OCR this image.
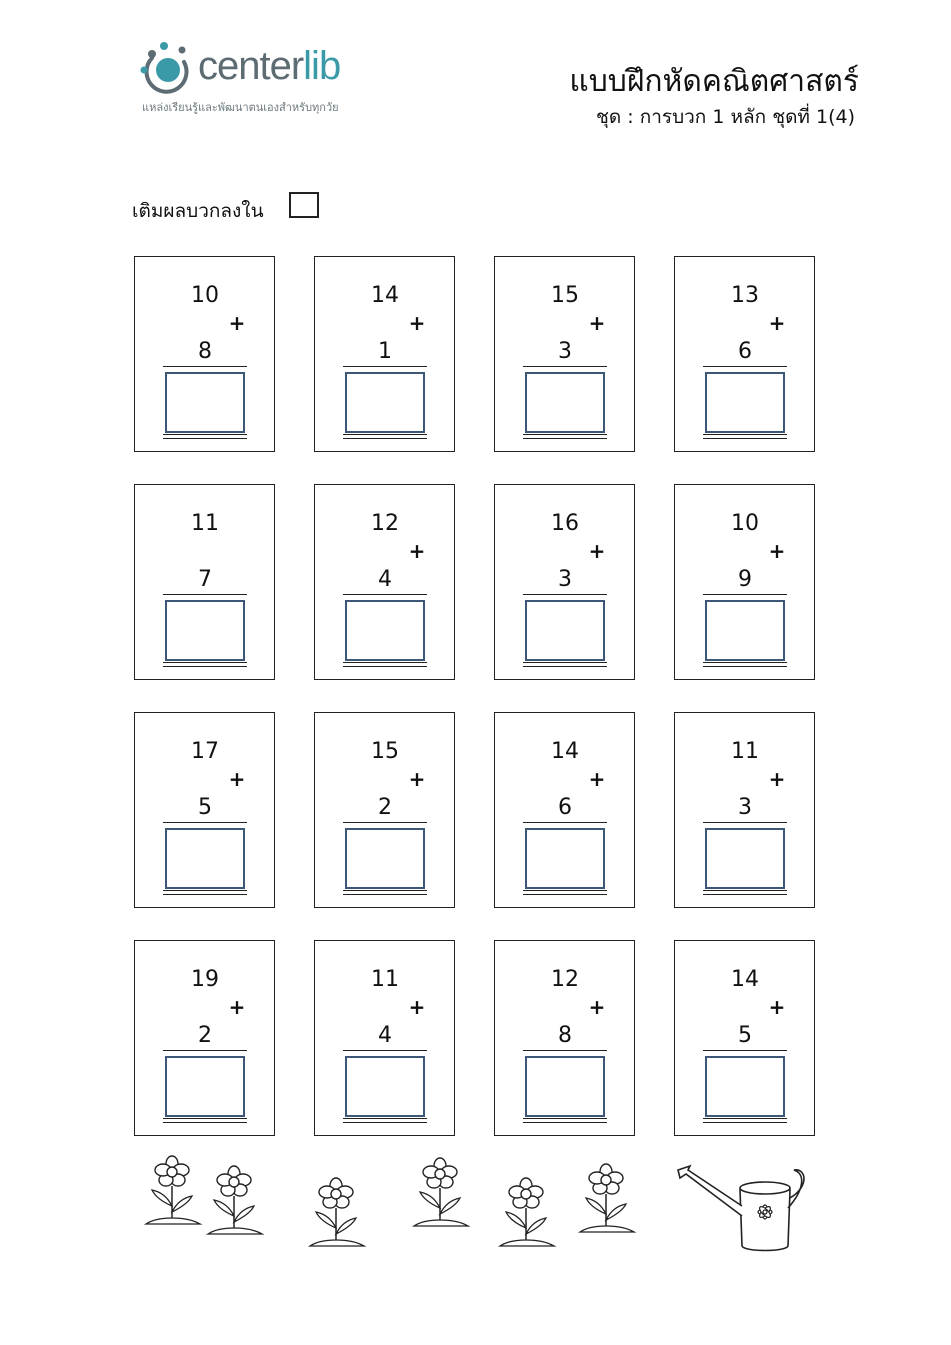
centerlib
แหล่งเรียนรู้และพัฒนาตนเองสำหรับทุกวัย
แบบฝึกหัดคณิตศาสตร์
ชุด : การบวก 1 หลัก ชุดที่ 1(4)
เติมผลบวกลงใน
10
+
8
14
+
1
15
+
3
13
+
6
11
7
12
+
4
16
+
3
10
+
9
17
+
5
15
+
2
14
+
6
11
+
3
19
+
2
11
+
4
12
+
8
14
+
5
